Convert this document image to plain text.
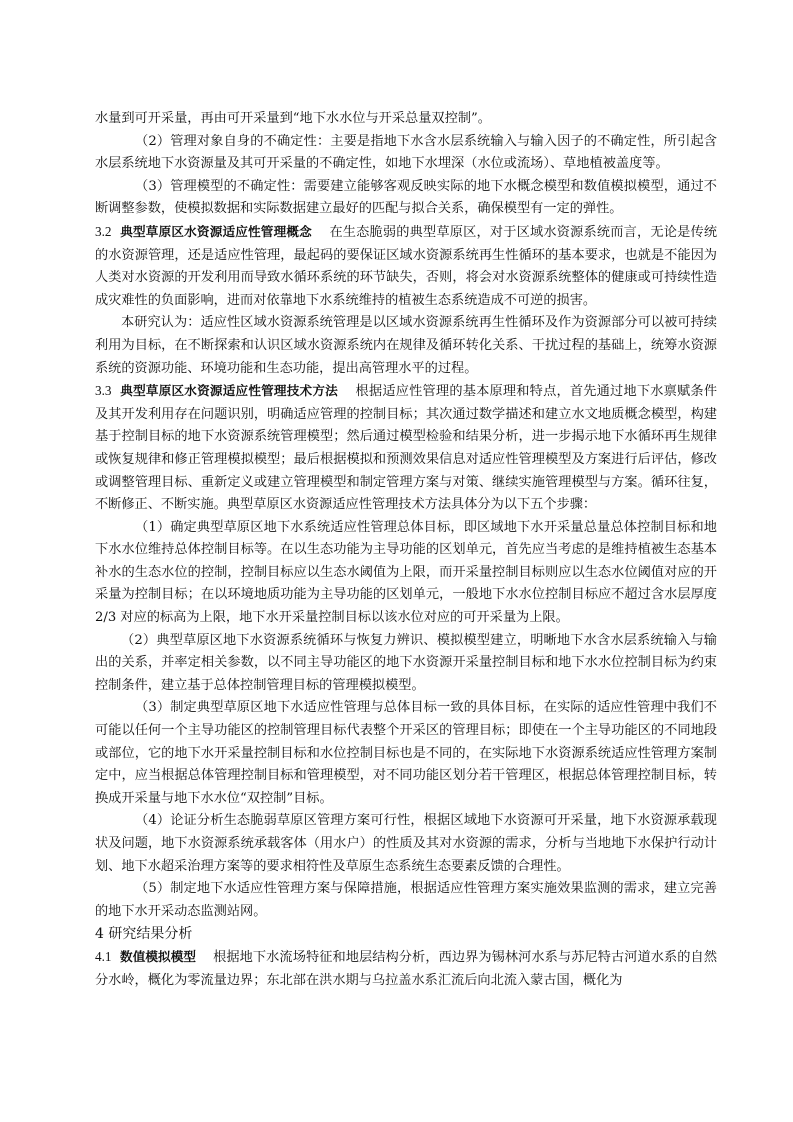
水量到可开采量，再由可开采量到“地下水水位与开采总量双控制”。

（2）管理对象自身的不确定性：主要是指地下水含水层系统输入与输入因子的不确定性，所引起含水层系统地下水资源量及其可开采量的不确定性，如地下水埋深（水位或流场）、草地植被盖度等。

（3）管理模型的不确定性：需要建立能够客观反映实际的地下水概念模型和数值模拟模型，通过不断调整参数，使模拟数据和实际数据建立最好的匹配与拟合关系，确保模型有一定的弹性。

3.2 典型草原区水资源适应性管理概念 在生态脆弱的典型草原区，对于区域水资源系统而言，无论是传统的水资源管理，还是适应性管理，最起码的要保证区域水资源系统再生性循环的基本要求，也就是不能因为人类对水资源的开发利用而导致水循环系统的环节缺失，否则，将会对水资源系统整体的健康或可持续性造成灾难性的负面影响，进而对依靠地下水系统维持的植被生态系统造成不可逆的损害。

本研究认为：适应性区域水资源系统管理是以区域水资源系统再生性循环及作为资源部分可以被可持续利用为目标，在不断探索和认识区域水资源系统内在规律及循环转化关系、干扰过程的基础上，统筹水资源系统的资源功能、环境功能和生态功能，提出高管理水平的过程。

3.3 典型草原区水资源适应性管理技术方法 根据适应性管理的基本原理和特点，首先通过地下水禀赋条件及其开发利用存在问题识别，明确适应管理的控制目标；其次通过数学描述和建立水文地质概念模型，构建基于控制目标的地下水资源系统管理模型；然后通过模型检验和结果分析，进一步揭示地下水循环再生规律或恢复规律和修正管理模拟模型；最后根据模拟和预测效果信息对适应性管理模型及方案进行后评估，修改或调整管理目标、重新定义或建立管理模型和制定管理方案与对策、继续实施管理模型与方案。循环往复，不断修正、不断实施。典型草原区水资源适应性管理技术方法具体分为以下五个步骤：

（1）确定典型草原区地下水系统适应性管理总体目标，即区域地下水开采量总量总体控制目标和地下水水位维持总体控制目标等。在以生态功能为主导功能的区划单元，首先应当考虑的是维持植被生态基本补水的生态水位的控制，控制目标应以生态水阈值为上限，而开采量控制目标则应以生态水位阈值对应的开采量为控制目标；在以环境地质功能为主导功能的区划单元，一般地下水水位控制目标应不超过含水层厚度 2/3 对应的标高为上限，地下水开采量控制目标以该水位对应的可开采量为上限。

（2）典型草原区地下水资源系统循环与恢复力辨识、模拟模型建立，明晰地下水含水层系统输入与输出的关系，并率定相关参数，以不同主导功能区的地下水资源开采量控制目标和地下水水位控制目标为约束控制条件，建立基于总体控制管理目标的管理模拟模型。

（3）制定典型草原区地下水适应性管理与总体目标一致的具体目标，在实际的适应性管理中我们不可能以任何一个主导功能区的控制管理目标代表整个开采区的管理目标；即使在一个主导功能区的不同地段或部位，它的地下水开采量控制目标和水位控制目标也是不同的，在实际地下水资源系统适应性管理方案制定中，应当根据总体管理控制目标和管理模型，对不同功能区划分若干管理区，根据总体管理控制目标，转换成开采量与地下水水位“双控制”目标。

（4）论证分析生态脆弱草原区管理方案可行性，根据区域地下水资源可开采量，地下水资源承载现状及问题，地下水资源系统承载客体（用水户）的性质及其对水资源的需求，分析与当地地下水保护行动计划、地下水超采治理方案等的要求相符性及草原生态系统生态要素反馈的合理性。

（5）制定地下水适应性管理方案与保障措施，根据适应性管理方案实施效果监测的需求，建立完善的地下水开采动态监测站网。

4 研究结果分析

4.1 数值模拟模型 根据地下水流场特征和地层结构分析，西边界为锡林河水系与苏尼特古河道水系的自然分水岭，概化为零流量边界；东北部在洪水期与乌拉盖水系汇流后向北流入蒙古国，概化为
